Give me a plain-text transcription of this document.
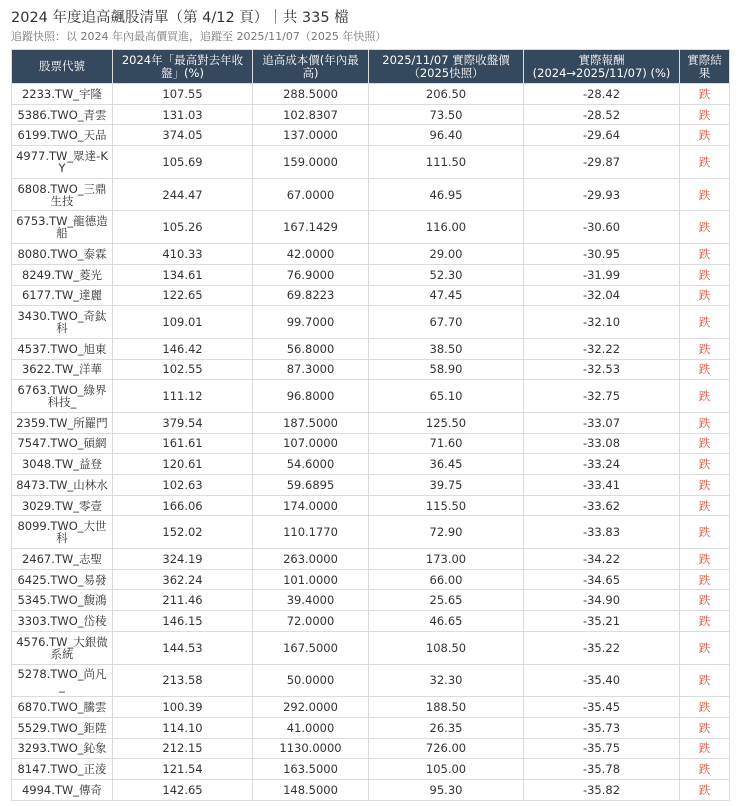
2024 年度追高飆股清單（第 4/12 頁）｜共 335 檔
追蹤快照：以 2024 年內最高價買進，追蹤至 2025/11/07（2025 年快照）
股票代號	2024年「最高對去年收盤」(%)	追高成本價(年內最高)	2025/11/07 實際收盤價（2025快照）	實際報酬 (2024→2025/11/07) (%)	實際結果
2233.TW_宇隆	107.55	288.5000	206.50	-28.42	跌
5386.TWO_青雲	131.03	102.8307	73.50	-28.52	跌
6199.TWO_天品	374.05	137.0000	96.40	-29.64	跌
4977.TW_眾達-KY	105.69	159.0000	111.50	-29.87	跌
6808.TWO_三鼎生技	244.47	67.0000	46.95	-29.93	跌
6753.TW_龍德造船	105.26	167.1429	116.00	-30.60	跌
8080.TWO_泰霖	410.33	42.0000	29.00	-30.95	跌
8249.TW_菱光	134.61	76.9000	52.30	-31.99	跌
6177.TW_達麗	122.65	69.8223	47.45	-32.04	跌
3430.TWO_奇鈦科	109.01	99.7000	67.70	-32.10	跌
4537.TWO_旭東	146.42	56.8000	38.50	-32.22	跌
3622.TW_洋華	102.55	87.3000	58.90	-32.53	跌
6763.TWO_綠界科技_	111.12	96.8000	65.10	-32.75	跌
2359.TW_所羅門	379.54	187.5000	125.50	-33.07	跌
7547.TWO_碩網	161.61	107.0000	71.60	-33.08	跌
3048.TW_益登	120.61	54.6000	36.45	-33.24	跌
8473.TW_山林水	102.63	59.6895	39.75	-33.41	跌
3029.TW_零壹	166.06	174.0000	115.50	-33.62	跌
8099.TWO_大世科	152.02	110.1770	72.90	-33.83	跌
2467.TW_志聖	324.19	263.0000	173.00	-34.22	跌
6425.TWO_易發	362.24	101.0000	66.00	-34.65	跌
5345.TWO_馥鴻	211.46	39.4000	25.65	-34.90	跌
3303.TWO_岱稜	146.15	72.0000	46.65	-35.21	跌
4576.TW_大銀微系統	144.53	167.5000	108.50	-35.22	跌
5278.TWO_尚凡_	213.58	50.0000	32.30	-35.40	跌
6870.TWO_騰雲	100.39	292.0000	188.50	-35.45	跌
5529.TWO_鉅陞	114.10	41.0000	26.35	-35.73	跌
3293.TWO_鈊象	212.15	1130.0000	726.00	-35.75	跌
8147.TWO_正淩	121.54	163.5000	105.00	-35.78	跌
4994.TW_傳奇	142.65	148.5000	95.30	-35.82	跌
